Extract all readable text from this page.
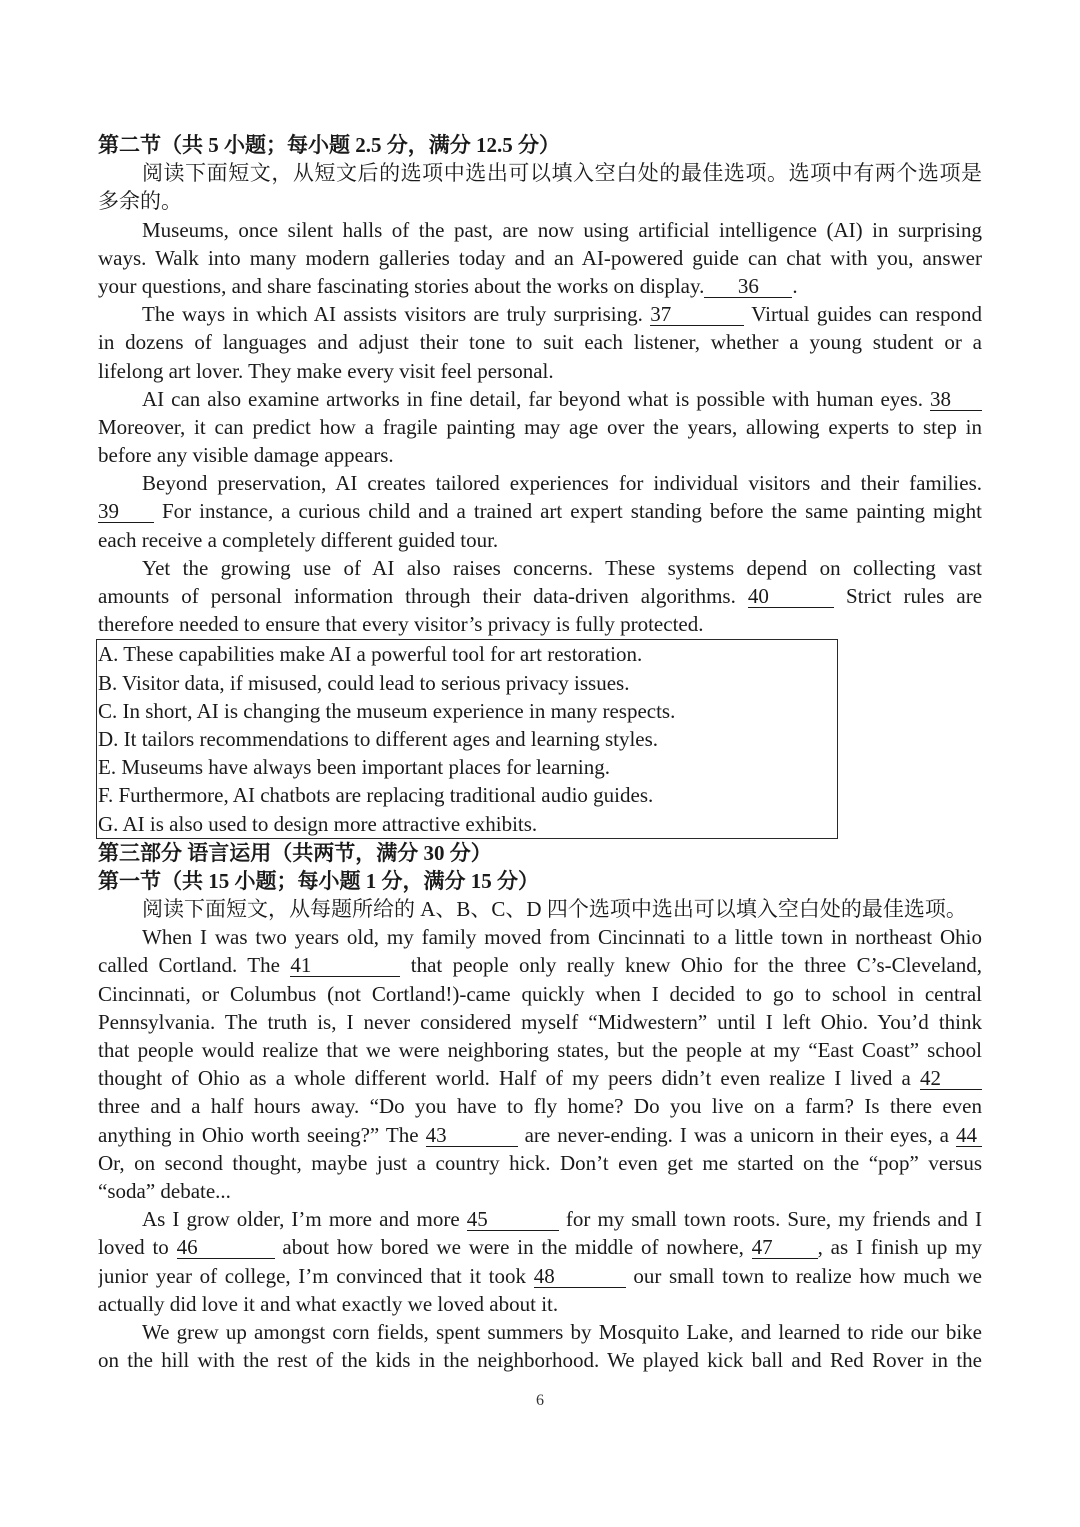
第二节（共 5 小题；每小题 2.5 分，满分 12.5 分）
阅读下面短文，从短文后的选项中选出可以填入空白处的最佳选项。选项中有两个选项是
多余的。
Museums, once silent halls of the past, are now using artificial intelligence (AI) in surprising
ways. Walk into many modern galleries today and an AI-powered guide can chat with you, answer
your questions, and share fascinating stories about the works on display. 36 .
The ways in which AI assists visitors are truly surprising. 37	Virtual guides can respond
in dozens of languages and adjust their tone to suit each listener, whether a young student or a
lifelong art lover. They make every visit feel personal.
AI can also examine artworks in fine detail, far beyond what is possible with human eyes. 38
Moreover, it can predict how a fragile painting may age over the years, allowing experts to step in
before any visible damage appears.
Beyond preservation, AI creates tailored experiences for individual visitors and their families.
39 For instance, a curious child and a trained art expert standing before the same painting might
each receive a completely different guided tour.
Yet the growing use of AI also raises concerns. These systems depend on collecting vast
amounts of personal information through their data-driven algorithms. 40	Strict rules are
therefore needed to ensure that every visitor’s privacy is fully protected.
A. These capabilities make AI a powerful tool for art restoration.
B. Visitor data, if misused, could lead to serious privacy issues.
C. In short, AI is changing the museum experience in many respects.
D. It tailors recommendations to different ages and learning styles.
E. Museums have always been important places for learning.
F. Furthermore, AI chatbots are replacing traditional audio guides.
G. AI is also used to design more attractive exhibits.
第三部分 语言运用（共两节，满分 30 分）
第一节（共 15 小题；每小题 1 分，满分 15 分）
阅读下面短文，从每题所给的 A、B、C、D 四个选项中选出可以填入空白处的最佳选项。
When I was two years old, my family moved from Cincinnati to a little town in northeast Ohio
called Cortland. The 41	that people only really knew Ohio for the three C’s-Cleveland,
Cincinnati, or Columbus (not Cortland!)-came quickly when I decided to go to school in central
Pennsylvania. The truth is, I never considered myself “Midwestern” until I left Ohio. You’d think
that people would realize that we were neighboring states, but the people at my “East Coast” school
thought of Ohio as a whole different world. Half of my peers didn’t even realize I lived a 42
three and a half hours away. “Do you have to fly home? Do you live on a farm? Is there even
anything in Ohio worth seeing?” The 43	are never-ending. I was a unicorn in their eyes, a 44
Or, on second thought, maybe just a country hick. Don’t even get me started on the “pop” versus
“soda” debate...
As I grow older, I’m more and more 45	for my small town roots. Sure, my friends and I
loved to 46	about how bored we were in the middle of nowhere, 47 , as I finish up my
junior year of college, I’m convinced that it took 48	our small town to realize how much we
actually did love it and what exactly we loved about it.
We grew up amongst corn fields, spent summers by Mosquito Lake, and learned to ride our bike
on the hill with the rest of the kids in the neighborhood. We played kick ball and Red Rover in the
6
